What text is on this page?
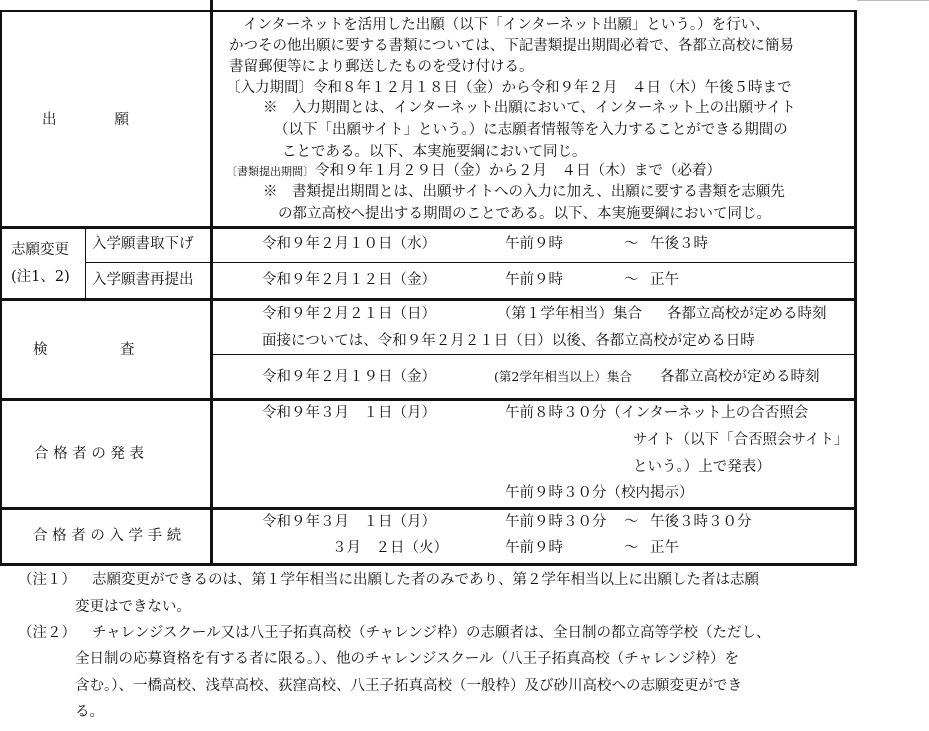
出　　　　願
インターネットを活用した出願（以下「インターネット出願」という。）を行い、
かつその他出願に要する書類については、下記書類提出期間必着で、各都立高校に簡易
書留郵便等により郵送したものを受け付ける。
〔入力期間〕令和８年１２月１８日（金）から令和９年２月　４日（木）午後５時まで
※　入力期間とは、インターネット出願において、インターネット上の出願サイト
（以下「出願サイト」という。）に志願者情報等を入力することができる期間の
ことである。以下、本実施要綱において同じ。
〔書類提出期間〕 令和９年１月２９日（金）から２月　４日（木）まで（必着）
※　書類提出期間とは、出願サイトへの入力に加え、出願に要する書類を志願先
の都立高校へ提出する期間のことである。以下、本実施要綱において同じ。
志願変更
(注1、2)
入学願書取下げ	令和９年２月１０日（水）	午前９時	～ 午後３時
入学願書再提出	令和９年２月１２日（金）	午前９時	～ 正午
検　　　　　査
令和９年２月２１日（日）	（第１学年相当）集合 各都立高校が定める時刻
面接については、令和９年２月２１日（日）以後、各都立高校が定める日時
令和９年２月１９日（金）	(第2学年相当以上）集合 各都立高校が定める時刻
合 格 者 の 発 表
令和９年３月　１日（月）	午前８時３０分（インターネット上の合否照会
サイト（以下「合否照会サイト」
という。）上で発表）
午前９時３０分（校内掲示）
合 格 者 の 入 学 手 続
令和９年３月　１日（月）	午前９時３０分 ～ 午後３時３０分
３月　２日（火）	午前９時	～ 正午
（注１） 志願変更ができるのは、第１学年相当に出願した者のみであり、第２学年相当以上に出願した者は志願
変更はできない。
（注２） チャレンジスクール又は八王子拓真高校（チャレンジ枠）の志願者は、全日制の都立高等学校（ただし、
全日制の応募資格を有する者に限る。）、他のチャレンジスクール（八王子拓真高校（チャレンジ枠）を
含む。）、一橋高校、浅草高校、荻窪高校、八王子拓真高校（一般枠）及び砂川高校への志願変更ができ
る。
